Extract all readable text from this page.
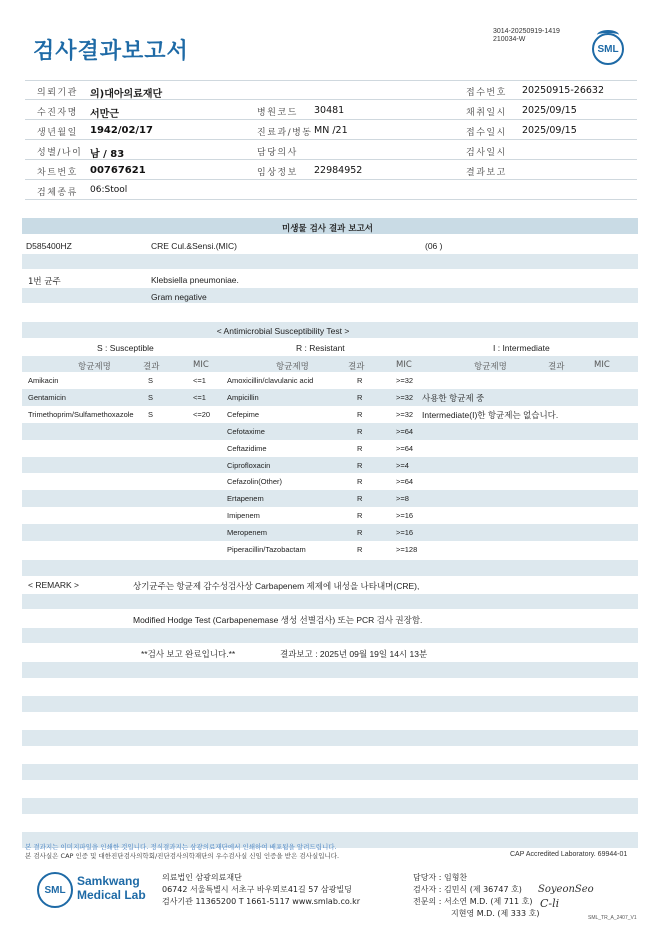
검사결과보고서
3014-20250919-1419
210034-W
SML
의뢰기관 의)대아의료재단	접수번호 20250915-26632
수진자명 서만근	병원코드 30481	채취일시 2025/09/15
생년월일 1942/02/17	진료과/병동 MN /21	접수일시 2025/09/15
성별/나이 남 / 83	담당의사	검사일시
차트번호 00767621	임상정보 22984952	결과보고
검체종류 06:Stool
미생물 검사 결과 보고서
D585400HZ	CRE Cul.&Sensi.(MIC)	(06 )
1번 균주	Klebsiella pneumoniae.
Gram negative
< Antimicrobial Susceptibility Test >
S : Susceptible	R : Resistant	I : Intermediate
항균제명	결과	MIC	항균제명	결과	MIC	항균제명	결과	MIC
Amikacin	S	<=1	Amoxicillin/clavulanic acid	R	>=32
Gentamicin	S	<=1	Ampicillin	R	>=32
Trimethoprim/Sulfamethoxazole S	<=20 Cefepime	R	>=32
Cefotaxime	R	>=64
Ceftazidime	R	>=64
Ciprofloxacin	R	>=4
Cefazolin(Other)	R	>=64
Ertapenem	R	>=8
Imipenem	R	>=16
Meropenem	R	>=16
Piperacillin/Tazobactam	R	>=128
사용한 항균제 중
Intermediate(I)한 항균제는 없습니다.
< REMARK >	상기균주는 항균제 감수성검사상 Carbapenem 제제에 내성을 나타내며(CRE),
Modified Hodge Test (Carbapenemase 생성 선별검사) 또는 PCR 검사 권장함.
**검사 보고 완료입니다.**	결과보고 : 2025년 09월 19일 14시 13분
본 결과지는 이미지파일을 인쇄한 것입니다. 정식결과지는 삼광의료재단에서 인쇄하여 배포됨을 알려드립니다.
본 검사실은 CAP 인증 및 대한진단검사의학회/진단검사의학재단의 우수검사실 신임 인증을 받은 검사실입니다.	CAP Accredited Laboratory. 69944-01
SML
Samkwang
Medical Lab
의료법인 삼광의료재단
06742 서울특별시 서초구 바우뫼로41길 57 삼광빌딩
검사기관 11365200 T 1661-5117 www.smlab.co.kr
담당자 : 임형찬
검사자 : 김민식 (제 36747 호)
전문의 : 서소연 M.D. (제 711 호)
지현영 M.D. (제 333 호)
SoyeonSeo
C-li
SML_TR_A_2407_V1
